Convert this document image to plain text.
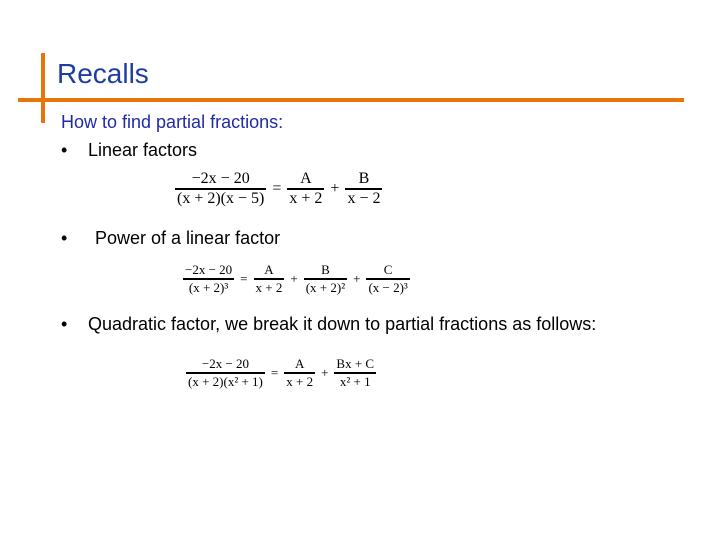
Recalls
How to find partial fractions:
• Linear factors
$\frac{-2x - 20}{(x + 2)(x - 5)} = \frac{A}{x + 2} + \frac{B}{x - 2}$
• Power of a linear factor
$\frac{-2x - 20}{\text{(x + 2)³}} = \frac{A}{x + 2} + \frac{B}{\text{(x + 2)²}} + \frac{C}{\text{(x − 2)³}}$
• Quadratic factor, we break it down to partial fractions as follows:
$\frac{-2x - 20}{\text{(x + 2)(x² + 1)}} = \frac{A}{x + 2} + \frac{Bx + C}{\text{x² + 1}}$
